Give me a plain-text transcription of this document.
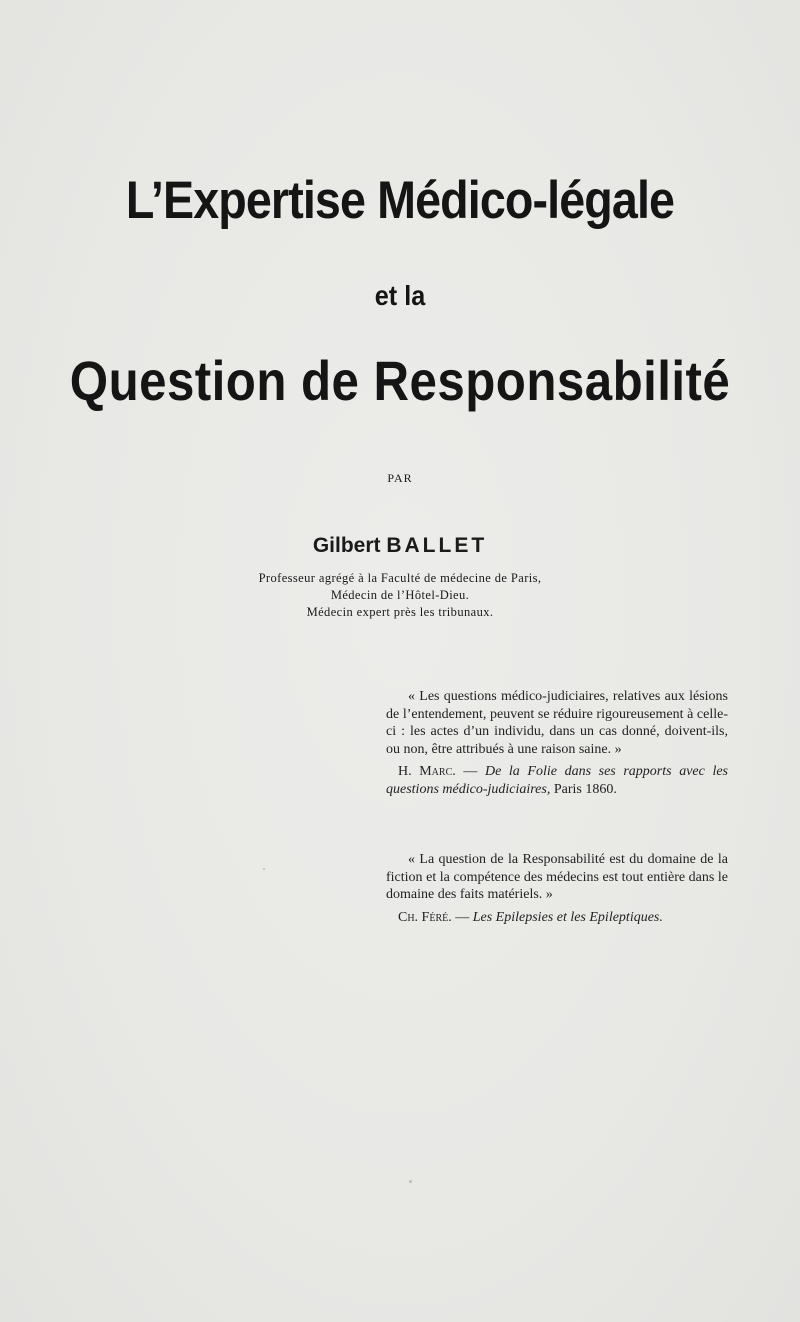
L’Expertise Médico-légale
et la
Question de Responsabilité
PAR
Gilbert BALLET
Professeur agrégé à la Faculté de médecine de Paris,
Médecin de l’Hôtel-Dieu.
Médecin expert près les tribunaux.

« Les questions médico-judiciaires, relatives aux lésions de l’entendement, peuvent se réduire rigoureusement à celle-ci : les actes d’un individu, dans un cas donné, doivent-ils, ou non, être attribués à une raison saine. »

H. Marc. — De la Folie dans ses rapports avec les questions médico-judiciaires, Paris 1860.

« La question de la Responsabilité est du domaine de la fiction et la compétence des médecins est tout entière dans le domaine des faits matériels. »

Ch. Féré. — Les Epilepsies et les Epileptiques.
